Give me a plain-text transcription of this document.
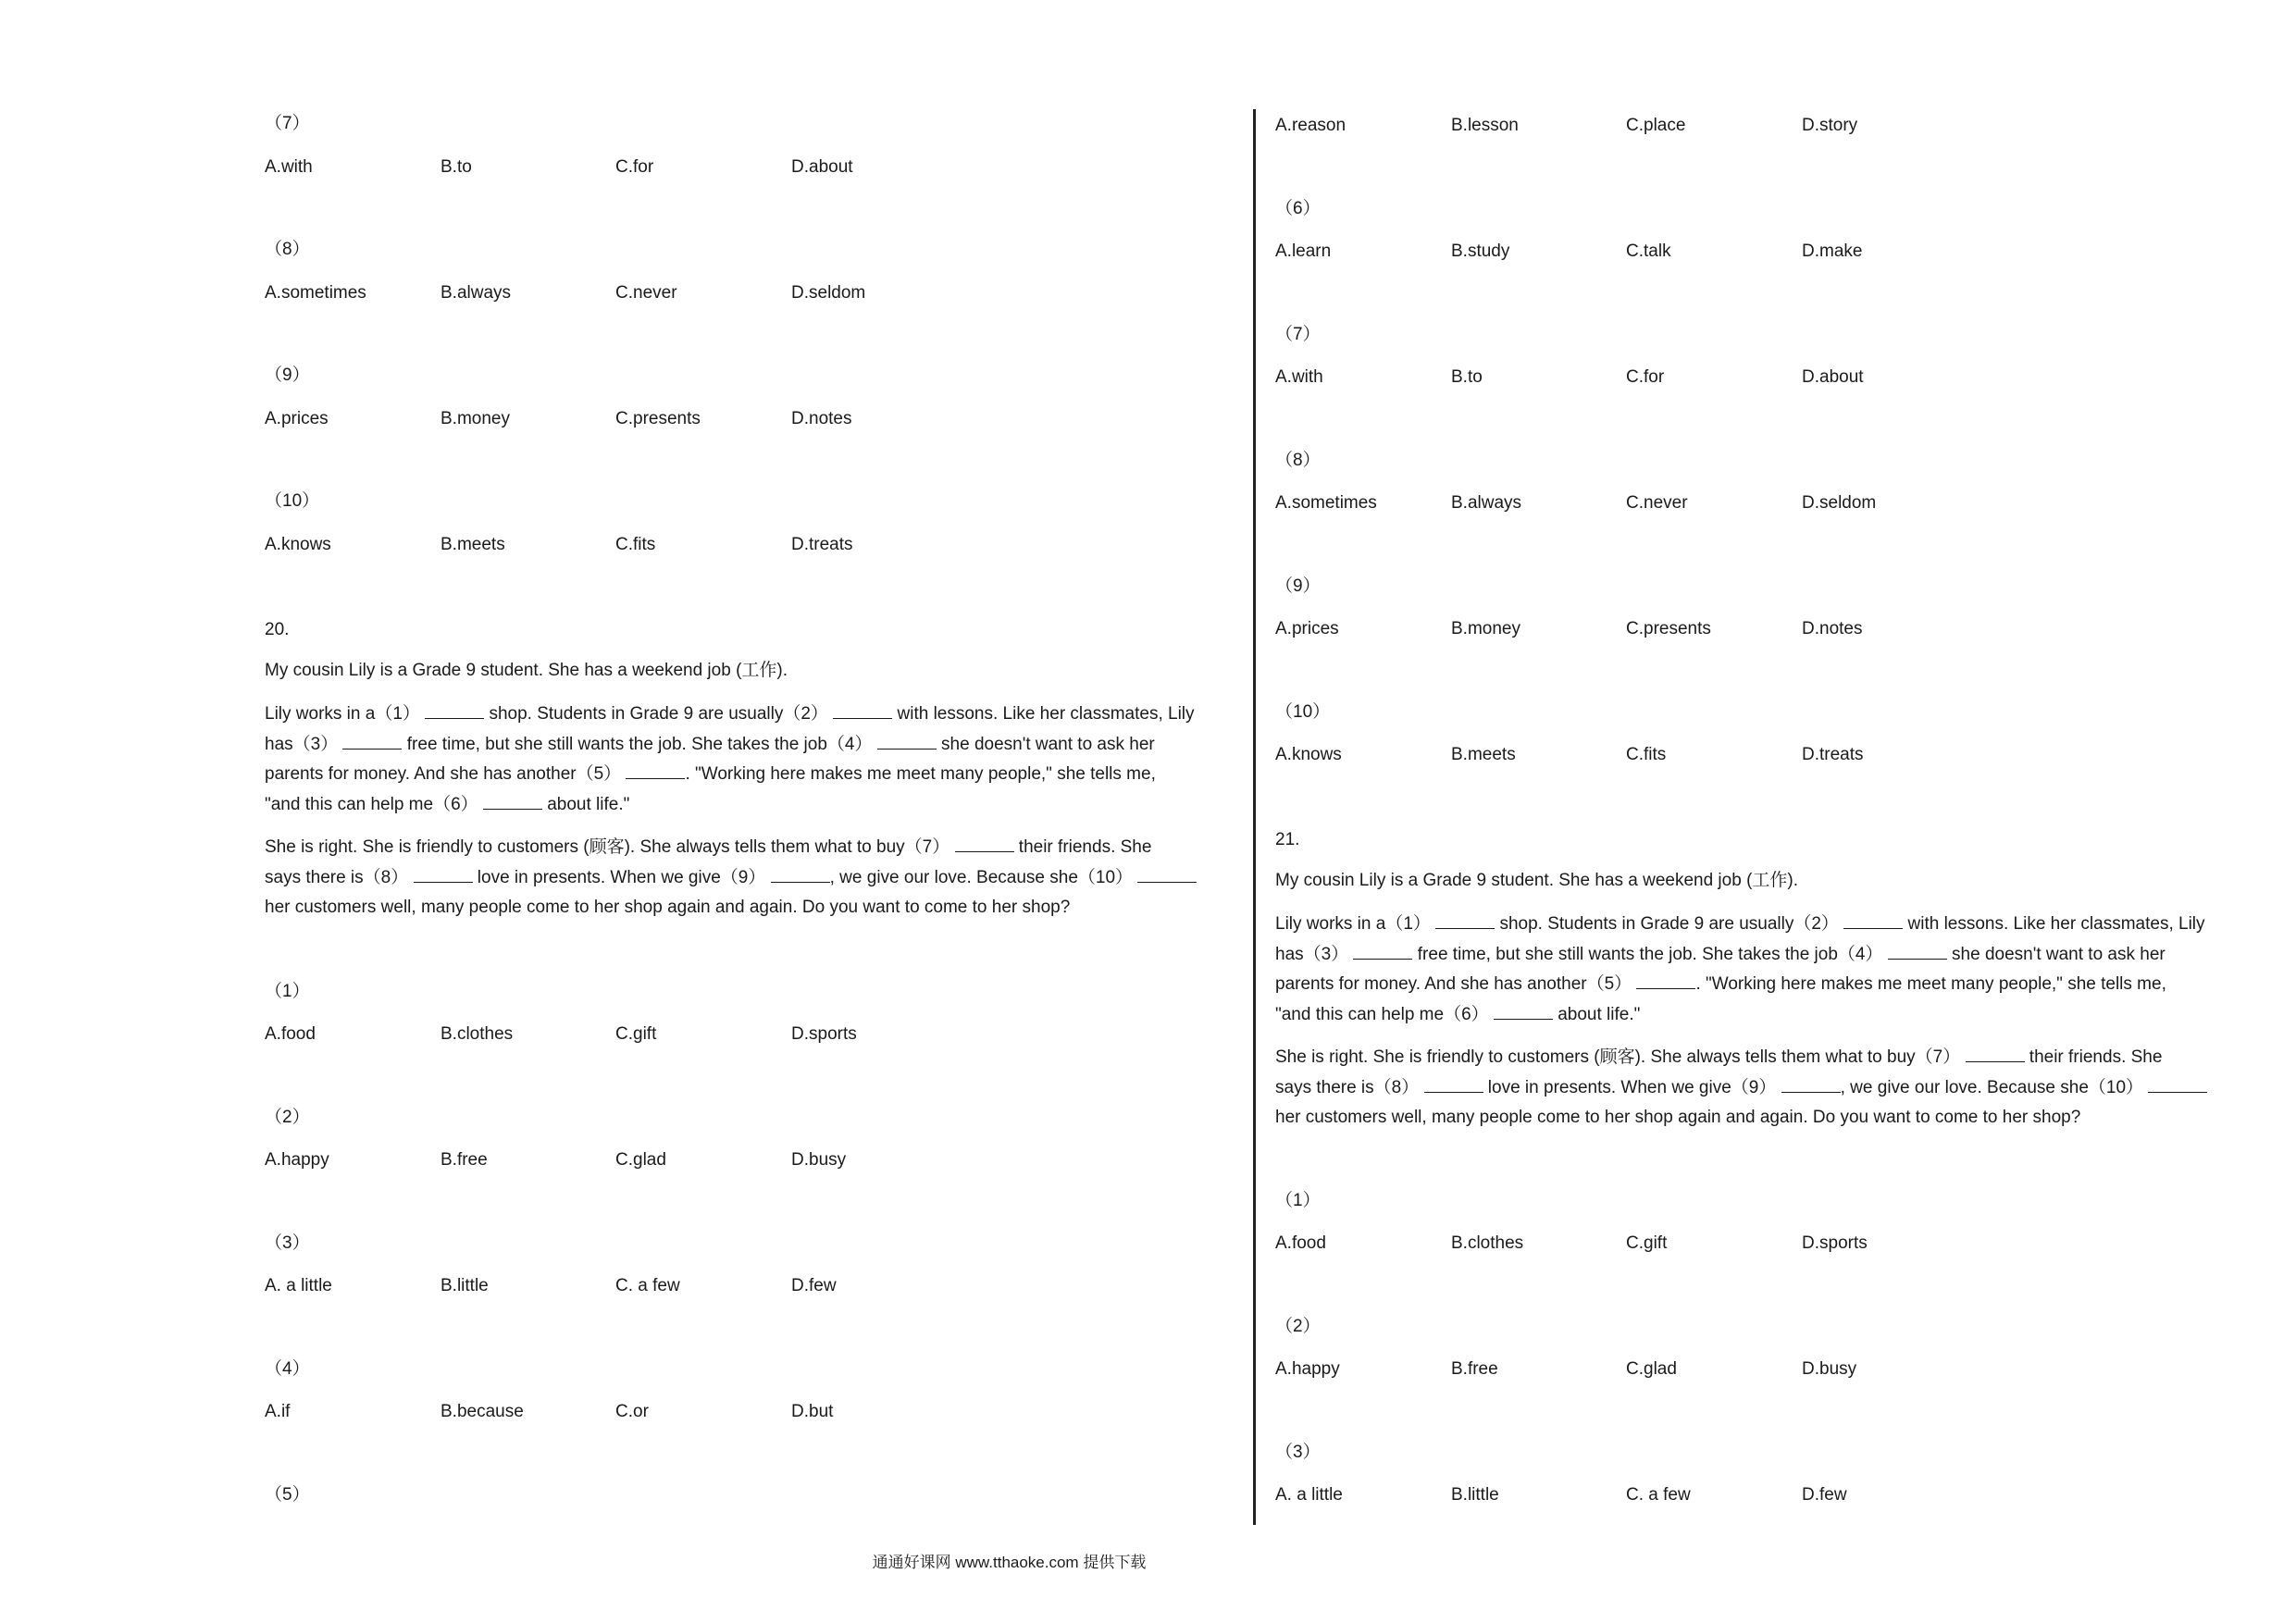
（7）
A.with	B.to	C.for	D.about
（8）
A.sometimes	B.always	C.never	D.seldom
（9）
A.prices	B.money	C.presents	D.notes
（10）
A.knows	B.meets	C.fits	D.treats
20.
My cousin Lily is a Grade 9 student. She has a weekend job (工作).
Lily works in a（1）	shop. Students in Grade 9 are usually（2）	with lessons. Like her classmates, Lily
has（3）	free time, but she still wants the job. She takes the job（4）	she doesn't want to ask her
parents for money. And she has another（5）	. "Working here makes me meet many people," she tells me,
"and this can help me（6）	about life."
She is right. She is friendly to customers (顾客). She always tells them what to buy（7）	their friends. She
says there is（8）	love in presents. When we give（9）	, we give our love. Because she（10）
her customers well, many people come to her shop again and again. Do you want to come to her shop?
（1）
A.food	B.clothes	C.gift	D.sports
（2）
A.happy	B.free	C.glad	D.busy
（3）
A. a little	B.little	C. a few	D.few
（4）
A.if	B.because	C.or	D.but
（5）
A.reason	B.lesson	C.place	D.story
（6）
A.learn	B.study	C.talk	D.make
（7）
A.with	B.to	C.for	D.about
（8）
A.sometimes	B.always	C.never	D.seldom
（9）
A.prices	B.money	C.presents	D.notes
（10）
A.knows	B.meets	C.fits	D.treats
21.
My cousin Lily is a Grade 9 student. She has a weekend job (工作).
Lily works in a（1）	shop. Students in Grade 9 are usually（2）	with lessons. Like her classmates, Lily
has（3）	free time, but she still wants the job. She takes the job（4）	she doesn't want to ask her
parents for money. And she has another（5）	. "Working here makes me meet many people," she tells me,
"and this can help me（6）	about life."
She is right. She is friendly to customers (顾客). She always tells them what to buy（7）	their friends. She
says there is（8）	love in presents. When we give（9）	, we give our love. Because she（10）
her customers well, many people come to her shop again and again. Do you want to come to her shop?
（1）
A.food	B.clothes	C.gift	D.sports
（2）
A.happy	B.free	C.glad	D.busy
（3）
A. a little	B.little	C. a few	D.few
通通好课网 www.tthaoke.com 提供下载
